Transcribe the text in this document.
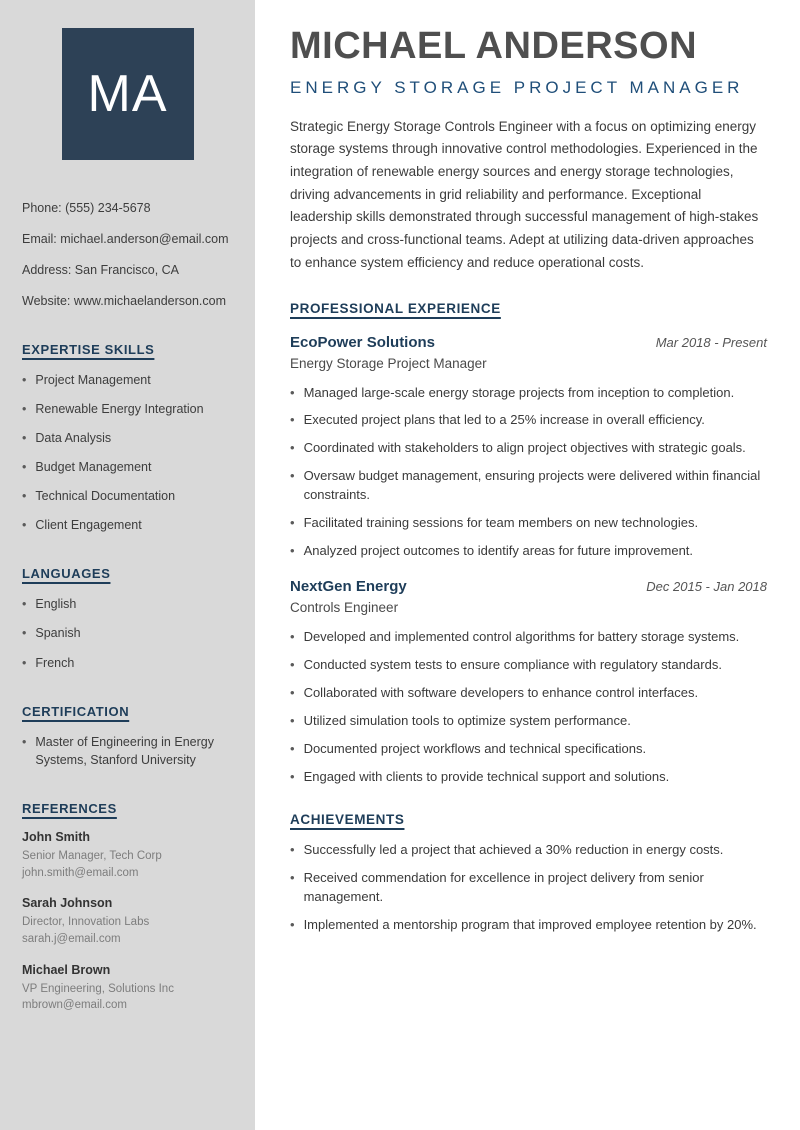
MA
Phone: (555) 234-5678
Email: michael.anderson@email.com
Address: San Francisco, CA
Website: www.michaelanderson.com
EXPERTISE SKILLS
• Project Management
• Renewable Energy Integration
• Data Analysis
• Budget Management
• Technical Documentation
• Client Engagement
LANGUAGES
• English
• Spanish
• French
CERTIFICATION
• Master of Engineering in Energy Systems, Stanford University
REFERENCES
John Smith
Senior Manager, Tech Corp
john.smith@email.com
Sarah Johnson
Director, Innovation Labs
sarah.j@email.com
Michael Brown
VP Engineering, Solutions Inc
mbrown@email.com
MICHAEL ANDERSON
ENERGY STORAGE PROJECT MANAGER

Strategic Energy Storage Controls Engineer with a focus on optimizing energy storage systems through innovative control methodologies. Experienced in the integration of renewable energy sources and energy storage technologies, driving advancements in grid reliability and performance. Exceptional leadership skills demonstrated through successful management of high-stakes projects and cross-functional teams. Adept at utilizing data-driven approaches to enhance system efficiency and reduce operational costs.

PROFESSIONAL EXPERIENCE
EcoPower Solutions	Mar 2018 - Present
Energy Storage Project Manager
• Managed large-scale energy storage projects from inception to completion.
• Executed project plans that led to a 25% increase in overall efficiency.
• Coordinated with stakeholders to align project objectives with strategic goals.
• Oversaw budget management, ensuring projects were delivered within financial constraints.
• Facilitated training sessions for team members on new technologies.
• Analyzed project outcomes to identify areas for future improvement.
NextGen Energy	Dec 2015 - Jan 2018
Controls Engineer
• Developed and implemented control algorithms for battery storage systems.
• Conducted system tests to ensure compliance with regulatory standards.
• Collaborated with software developers to enhance control interfaces.
• Utilized simulation tools to optimize system performance.
• Documented project workflows and technical specifications.
• Engaged with clients to provide technical support and solutions.
ACHIEVEMENTS
• Successfully led a project that achieved a 30% reduction in energy costs.
• Received commendation for excellence in project delivery from senior management.
• Implemented a mentorship program that improved employee retention by 20%.
